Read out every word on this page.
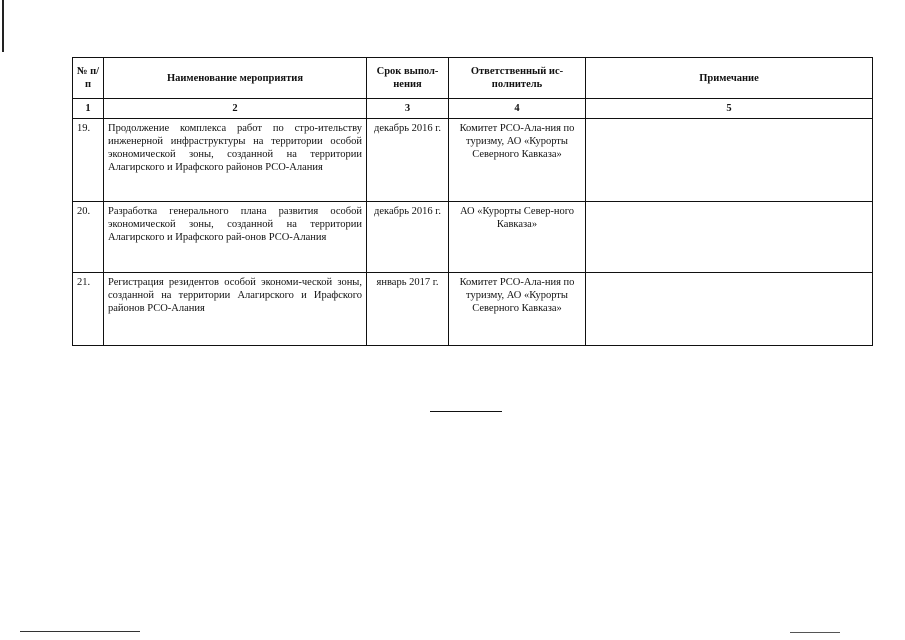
№ п/п	Наименование мероприятия	Срок выпол-нения	Ответственный ис-полнитель	Примечание
1	2	3	4	5
19.	Продолжение комплекса работ по стро-ительству инженерной инфраструктуры на территории особой экономической зоны, созданной на территории Алагирского и Ирафского районов РСО-Алания	декабрь 2016 г.	Комитет РСО-Ала-ния по туризму, АО «Курорты Северного Кавказа»	
20.	Разработка генерального плана развития особой экономической зоны, созданной на территории Алагирского и Ирафского рай-онов РСО-Алания	декабрь 2016 г.	АО «Курорты Север-ного Кавказа»	
21.	Регистрация резидентов особой экономи-ческой зоны, созданной на территории Алагирского и Ирафского районов РСО-Алания	январь 2017 г.	Комитет РСО-Ала-ния по туризму, АО «Курорты Северного Кавказа»	
